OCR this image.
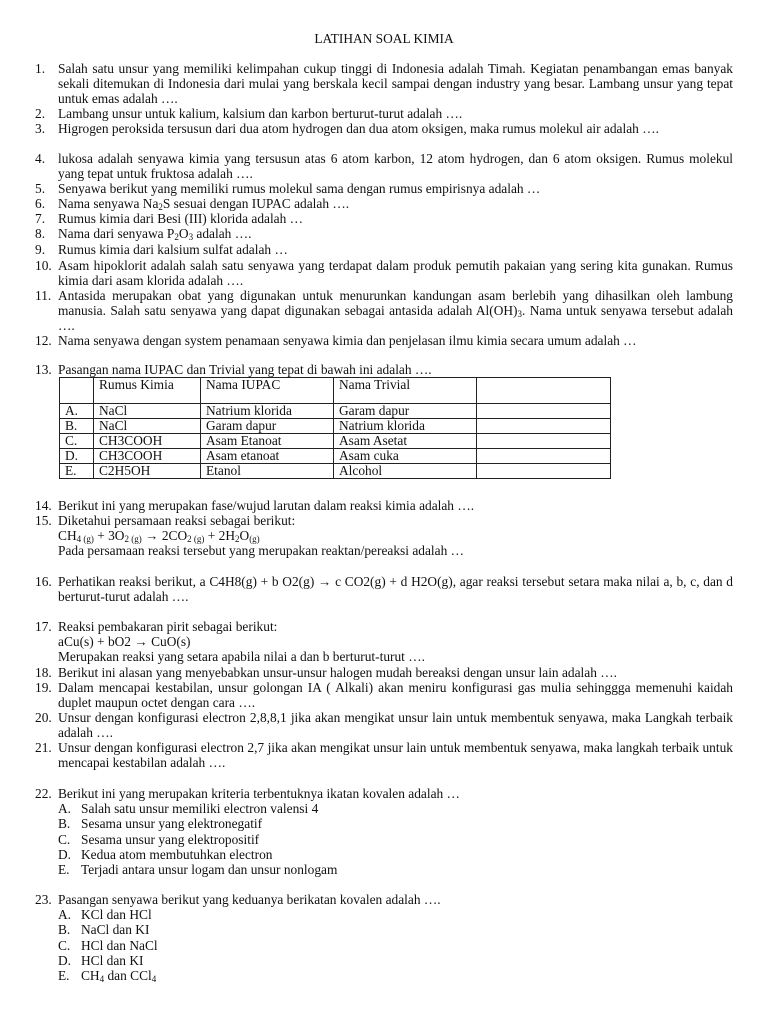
LATIHAN SOAL KIMIA
1. Salah satu unsur yang memiliki kelimpahan cukup tinggi di Indonesia adalah Timah. Kegiatan penambangan emas banyak sekali ditemukan di Indonesia dari mulai yang berskala kecil sampai dengan industry yang besar. Lambang unsur yang tepat untuk emas adalah ….
2. Lambang unsur untuk kalium, kalsium dan karbon berturut-turut adalah ….
3. Higrogen peroksida tersusun dari dua atom hydrogen dan dua atom oksigen, maka rumus molekul air adalah ….
4. lukosa adalah senyawa kimia yang tersusun atas 6 atom karbon, 12 atom hydrogen, dan 6 atom oksigen. Rumus molekul yang tepat untuk fruktosa adalah ….
5. Senyawa berikut yang memiliki rumus molekul sama dengan rumus empirisnya adalah …
6. Nama senyawa $Na_2S$ sesuai dengan IUPAC adalah ….
7. Rumus kimia dari Besi (III) klorida adalah …
8. Nama dari senyawa $P_2O_3$ adalah ….
9. Rumus kimia dari kalsium sulfat adalah …
10. Asam hipoklorit adalah salah satu senyawa yang terdapat dalam produk pemutih pakaian yang sering kita gunakan. Rumus kimia dari asam klorida adalah ….
11. Antasida merupakan obat yang digunakan untuk menurunkan kandungan asam berlebih yang dihasilkan oleh lambung manusia. Salah satu senyawa yang dapat digunakan sebagai antasida adalah $Al(OH)_3$. Nama untuk senyawa tersebut adalah ….
12. Nama senyawa dengan system penamaan senyawa kimia dan penjelasan ilmu kimia secara umum adalah …
13. Pasangan nama IUPAC dan Trivial yang tepat di bawah ini adalah ….
	Rumus Kimia	Nama IUPAC	Nama Trivial	
A.	NaCl	Natrium klorida	Garam dapur	
B.	NaCl	Garam dapur	Natrium klorida	
C.	CH3COOH	Asam Etanoat	Asam Asetat	
D.	CH3COOH	Asam etanoat	Asam cuka	
E.	C2H5OH	Etanol	Alcohol	
14. Berikut ini yang merupakan fase/wujud larutan dalam reaksi kimia adalah ….
15. Diketahui persamaan reaksi sebagai berikut:
$CH_{4 (g)} + 3O_{2 (g)} \to 2CO_{2 (g)} + 2H_2O_{(g)}$
Pada persamaan reaksi tersebut yang merupakan reaktan/pereaksi adalah …
16. Perhatikan reaksi berikut, a C4H8(g) + b O2(g) → c CO2(g) + d H2O(g), agar reaksi tersebut setara maka nilai a, b, c, dan d berturut-turut adalah ….
17. Reaksi pembakaran pirit sebagai berikut:
aCu(s) + bO2 → CuO(s)
Merupakan reaksi yang setara apabila nilai a dan b berturut-turut ….
18. Berikut ini alasan yang menyebabkan unsur-unsur halogen mudah bereaksi dengan unsur lain adalah ….
19. Dalam mencapai kestabilan, unsur golongan IA ( Alkali) akan meniru konfigurasi gas mulia sehinggga memenuhi kaidah duplet maupun octet dengan cara ….
20. Unsur dengan konfigurasi electron 2,8,8,1 jika akan mengikat unsur lain untuk membentuk senyawa, maka Langkah terbaik adalah ….
21. Unsur dengan konfigurasi electron 2,7 jika akan mengikat unsur lain untuk membentuk senyawa, maka langkah terbaik untuk mencapai kestabilan adalah ….
22. Berikut ini yang merupakan kriteria terbentuknya ikatan kovalen adalah …
A. Salah satu unsur memiliki electron valensi 4
B. Sesama unsur yang elektronegatif
C. Sesama unsur yang elektropositif
D. Kedua atom membutuhkan electron
E. Terjadi antara unsur logam dan unsur nonlogam
23. Pasangan senyawa berikut yang keduanya berikatan kovalen adalah ….
A. KCl dan HCl
B. NaCl dan KI
C. HCl dan NaCl
D. HCl dan KI
E. $CH_4$ dan CCl$_4$
